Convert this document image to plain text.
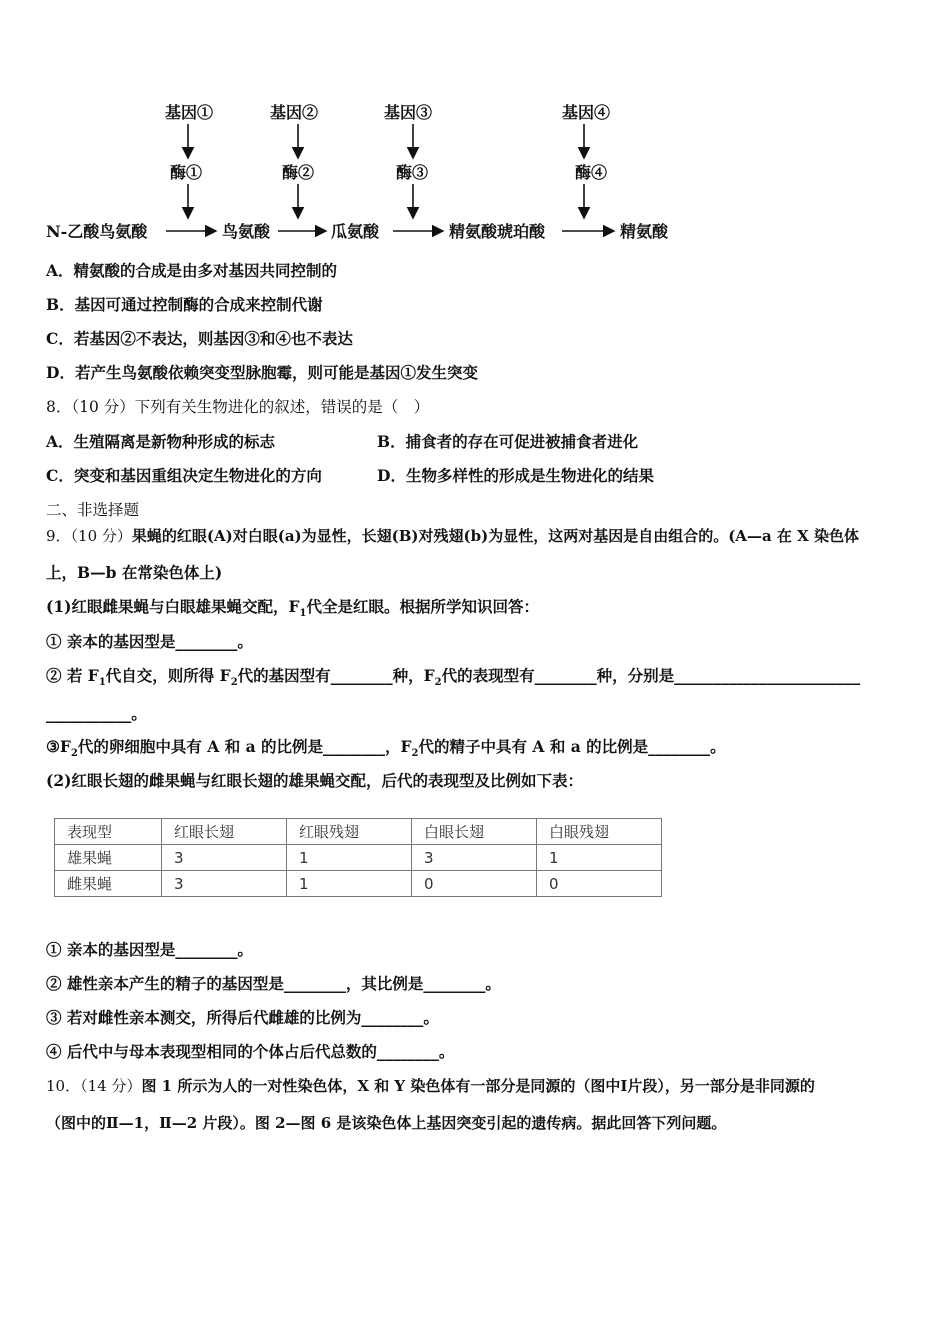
基因①	基因②	基因③	基因④
酶①	酶②	酶③	酶④
N-乙酸鸟氨酸	鸟氨酸	瓜氨酸	精氨酸琥珀酸	精氨酸
A．精氨酸的合成是由多对基因共同控制的
B．基因可通过控制酶的合成来控制代谢
C．若基因②不表达，则基因③和④也不表达
D．若产生鸟氨酸依赖突变型脉胞霉，则可能是基因①发生突变
8．（10 分）下列有关生物进化的叙述，错误的是（　）
A．生殖隔离是新物种形成的标志	B．捕食者的存在可促进被捕食者进化
C．突变和基因重组决定生物进化的方向	D．生物多样性的形成是生物进化的结果
二、非选择题
9．（10 分）果蝇的红眼(A)对白眼(a)为显性，长翅(B)对残翅(b)为显性，这两对基因是自由组合的。(A—a 在 X 染色体
上，B—b 在常染色体上)
(1)红眼雌果蝇与白眼雄果蝇交配，$F_1$代全是红眼。根据所学知识回答：
① 亲本的基因型是________。
② 若 $F_1$代自交，则所得 $F_2$代的基因型有________种，$F_2$代的表现型有________种，分别是________________________
___________。
$③F_2$代的卵细胞中具有 A 和 a 的比例是________，$F_2$代的精子中具有 A 和 a 的比例是________。
(2)红眼长翅的雌果蝇与红眼长翅的雄果蝇交配，后代的表现型及比例如下表：
表现型	红眼长翅	红眼残翅	白眼长翅	白眼残翅
雄果蝇	3	1	3	1
雌果蝇	3	1	0	0
① 亲本的基因型是________。
② 雄性亲本产生的精子的基因型是________，其比例是________。
③ 若对雌性亲本测交，所得后代雌雄的比例为________。
④ 后代中与母本表现型相同的个体占后代总数的________。
10．（14 分）图 1 所示为人的一对性染色体，X 和 Y 染色体有一部分是同源的（图中Ⅰ片段），另一部分是非同源的
（图中的Ⅱ—1，Ⅱ—2 片段）。图 2—图 6 是该染色体上基因突变引起的遗传病。据此回答下列问题。
